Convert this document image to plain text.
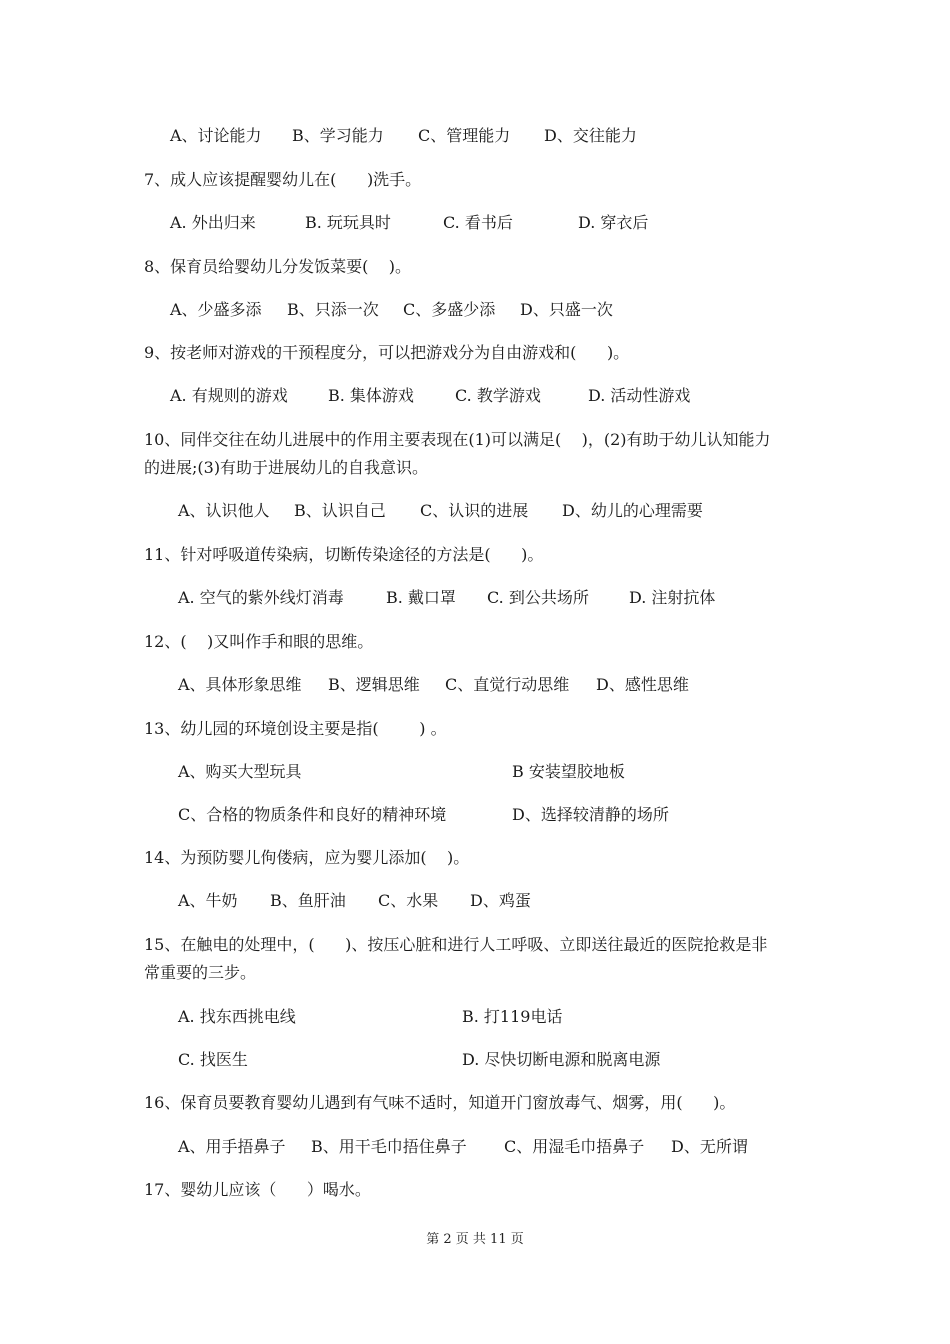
A、讨论能力 B、学习能力 C、管理能力 D、交往能力
7、成人应该提醒婴幼儿在(      )洗手。
A. 外出归来	B. 玩玩具时	C. 看书后	D. 穿衣后
8、保育员给婴幼儿分发饭菜要(    )。
A、少盛多添 B、只添一次 C、多盛少添 D、只盛一次
9、按老师对游戏的干预程度分，可以把游戏分为自由游戏和(      )。
A. 有规则的游戏	B. 集体游戏	C. 教学游戏	D. 活动性游戏
10、同伴交往在幼儿进展中的作用主要表现在(1)可以满足(    )，(2)有助于幼儿认知能力
的进展;(3)有助于进展幼儿的自我意识。
A、认识他人 B、认识自己 C、认识的进展 D、幼儿的心理需要
11、针对呼吸道传染病，切断传染途径的方法是(      )。
A. 空气的紫外线灯消毒	B. 戴口罩 C. 到公共场所	D. 注射抗体
12、(    )又叫作手和眼的思维。
A、具体形象思维 B、逻辑思维 C、直觉行动思维 D、感性思维
13、幼儿园的环境创设主要是指(        ) 。
A、购买大型玩具	B 安装望胶地板
C、合格的物质条件和良好的精神环境	D、选择较清静的场所
14、为预防婴儿佝偻病，应为婴儿添加(    )。
A、牛奶 B、鱼肝油 C、水果 D、鸡蛋
15、在触电的处理中，(      )、按压心脏和进行人工呼吸、立即送往最近的医院抢救是非
常重要的三步。
A. 找东西挑电线	B. 打119电话
C. 找医生	D. 尽快切断电源和脱离电源
16、保育员要教育婴幼儿遇到有气味不适时，知道开门窗放毒气、烟雾，用(      )。
A、用手捂鼻子 B、用干毛巾捂住鼻子 C、用湿毛巾捂鼻子 D、无所谓
17、婴幼儿应该（      ）喝水。
第 2 页 共 11 页
